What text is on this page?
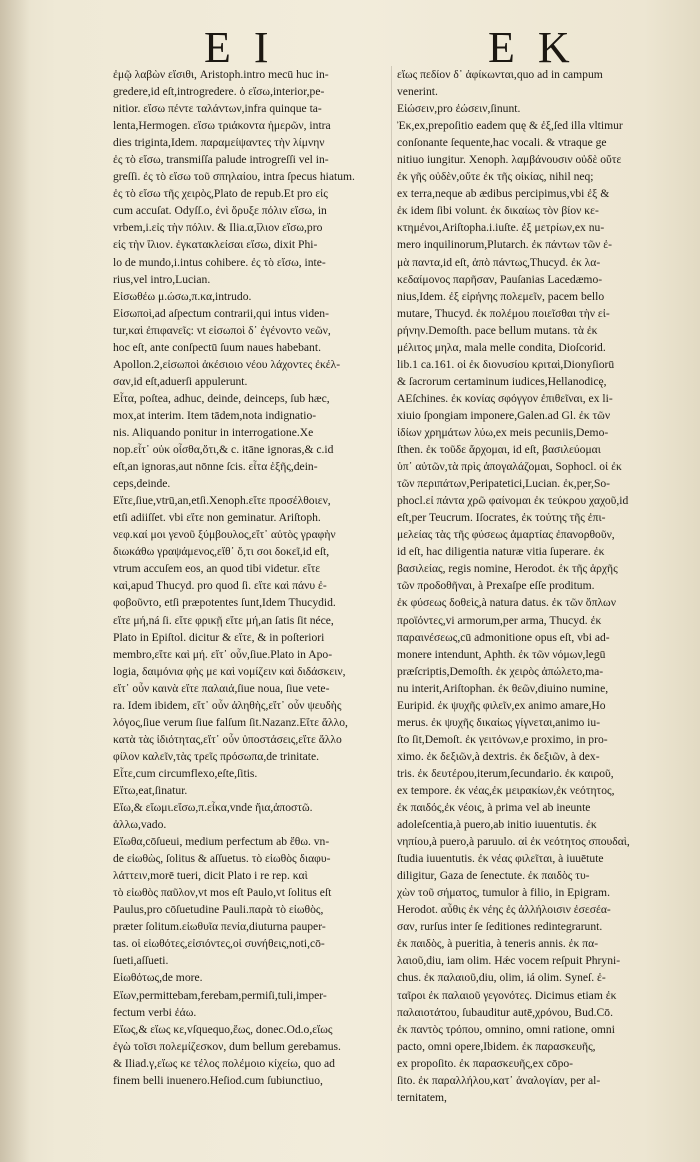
E I	E K
ἐμῷ λαβὼν εἴσιθι, Aristoph.intro mecū huc in-
gredere,id eſt,introgredere. ὁ εἴσω,interior,pe-
nitior. εἴσω πέντε ταλάντων,infra quinque ta-
lenta,Hermogen. εἴσω τριάκοντα ἡμερῶν, intra
dies triginta,Idem. παραμείψαντες τὴν λίμνην
ἐς τὸ εἴσω, transmiſſa palude introgreſſi vel in-
greſſi. ἐς τὸ εἴσω τοῦ σπηλαίου, intra ſpecus hiatum.
ἐς τὸ εἴσω τῆς χειρὸς,Plato de repub.Et pro εἰς
cum accuſat. Odyſſ.o, ἐνὶ ὄρυξε πόλιν εἴσω, in
vrbem,i.εἰς τὴν πόλιν. & Ilia.α,ἴλιον εἴσω,pro
εἰς τὴν ἴλιον. ἐγκατακλείσαι εἴσω, dixit Phi-
lo de mundo,i.intus cohibere. ἐς τὸ εἴσω, inte-
rius,vel intro,Lucian.
Εἰσωθέω μ.ώσω,π.κα,intrudo.
Εἰσωποὶ,ad aſpectum contrarii,qui intus viden-
tur,καὶ ἐπιφανεῖς: vt εἰσωποὶ δ᾽ ἐγένοντο νεῶν,
hoc eſt, ante conſpectū ſuum naues habebant.
Apollon.2,εἰσωποὶ ἀκέσιοιο νέου λάχοντες ἐκέλ-
σαν,id eſt,aduerſi appulerunt.
Εἶτα, poſtea, adhuc, deinde, deinceps, ſub hæc,
mox,at interim. Item tādem,nota indignatio-
nis. Aliquando ponitur in interrogatione.Xe
nop.εἶτ᾽ οὐκ οἶσθα,ὅτι,& c. itāne ignoras,& c.id
eſt,an ignoras,aut nōnne ſcis. εἶτα ἑξῆς,dein-
ceps,deinde.
Εἴτε,ſiue,vtrū,an,etſi.Xenoph.εἴτε προσέλθοιεν,
etſi adiiſſet. vbi εἴτε non geminatur. Ariſtoph.
νεφ.καί μοι γενοῦ ξύμβουλος,εἴτ᾽ αὐτὸς γραφὴν
διωκάθω γραψάμενος,εἴθ᾽ ὅ,τι σοι δοκεῖ,id eſt,
vtrum accuſem eos, an quod tibi videtur. εἴτε
καὶ,apud Thucyd. pro quod ſi. εἴτε καὶ πάνυ ἐ-
φοβοῦντο, etſi præpotentes ſunt,Idem Thucydid.
εἴτε μή,ná ſi. εἴτε φρικῇ εἴτε μή,an ſatis ſit néce,
Plato in Epiſtol. dicitur & εἴτε, & in poſteriori
membro,εἴτε καὶ μή. εἴτ᾽ οὖν,ſiue.Plato in Apo-
logia, δαιμόνια φὴς με καὶ νομίζειν καὶ διδάσκειν,
εἴτ᾽ οὖν καινὰ εἴτε παλαιά,ſiue noua, ſiue vete-
ra. Idem ibidem, εἴτ᾽ οὖν ἀληθὴς,εἴτ᾽ οὖν ψευδὴς
λόγος,ſiue verum ſiue falſum ſit.Nazanz.Εἴτε ἄλλο,
κατὰ τὰς ἰδιότητας,εἴτ᾽ οὖν ὑποστάσεις,εἴτε ἄλλο
φίλον καλεῖν,τὰς τρεῖς πρόσωπα,de trinitate.
Εἶτε,cum circumflexo,eſte,ſitis.
Εἴτω,eat,ſinatur.
Εἴω,& εἴωμι.εἴσω,π.εἶκα,vnde ἤια,ἀποστῶ.
ἀλλω,vado.
Εἴωθα,cōſueui, medium perfectum ab ἔθω. vn-
de εἰωθὼς, ſolitus & aſſuetus. τὸ εἰωθὸς διαφυ-
λάττειν,morē tueri, dicit Plato i re rep. καὶ
τὸ εἰωθὸς παῦλον,vt mos eſt Paulo,vt ſolitus eſt
Paulus,pro cōſuetudine Pauli.παρὰ τὸ εἰωθὸς,
præter ſolitum.εἰωθυῖα πενία,diuturna pauper-
tas. οἱ εἰωθότες,εἰσιόντες,οἱ συνήθεις,noti,cō-
ſueti,aſſueti.
Εἰωθότως,de more.
Εἴων,permittebam,ferebam,permiſi,tuli,imper-
fectum verbi ἐάω.
Εἴως,& εἵως κε,vſquequo,ἕως, donec.Od.o,εἵως
ἐγὼ τοῖσι πολεμίζεσκον, dum bellum gerebamus.
& Iliad.γ,εἵως κε τέλος πολέμοιο κίχείω, quo ad
finem belli inuenero.Heſiod.cum ſubiunctiuo,
εἵως πεδίον δ᾽ ἀφίκωνται,quo ad in campum
venerint.
Εἰώσειν,pro ἐώσειν,ſinunt.
Ἐκ,ex,prepoſitio eadem quę & ἐξ,ſed illa vltimur
conſonante ſequente,hac vocali. & vtraque ge
nitiuo iungitur. Xenoph. λαμβάνουσιν οὐδὲ οὔτε
ἐκ γῆς οὐδὲν,οὔτε ἐκ τῆς οἰκίας, nihil neq;
ex terra,neque ab ædibus percipimus,vbi ἐξ &
ἐκ idem ſibi volunt. ἐκ δικαίως τὸν βίον κε-
κτημένοι,Ariſtopha.i.iuſte. ἐξ μετρίων,ex nu-
mero inquilinorum,Plutarch. ἐκ πάντων τῶν ἐ-
μὰ παντα,id eſt, ἀπὸ πάντως,Thucyd. ἐκ λα-
κεδαίμονος παρῆσαν, Pauſanias Lacedæmo-
nius,Idem. ἐξ εἰρήνης πολεμεῖν, pacem bello
mutare, Thucyd. ἐκ πολέμου ποιεῖσθαι τὴν εἰ-
ρήνην.Demoſth. pace bellum mutans. τὰ ἐκ
μέλιτος μηλα, mala melle condita, Dioſcorid.
lib.1 ca.161. οἱ ἐκ διονυσίου κριταὶ,Dionyſiorū
& ſacrorum certaminum iudices,Hellanodicę,
AEſchines. ἐκ κονίας σφόγγον ἐπιθεῖναι, ex li-
xiuio ſpongiam imponere,Galen.ad Gl. ἐκ τῶν
ἰδίων χρημάτων λύω,ex meis pecuniis,Demo-
ſthen. ἐκ τοῦδε ἄρχομαι, id eſt, βασιλεύομαι
ὑπ᾽ αὐτῶν,τὰ πρὶς ἀπογαλάζομαι, Sophocl. οἱ ἐκ
τῶν περιπάτων,Peripatetici,Lucian. ἐκ,per,So-
phocl.εἰ πάντα χρῶ φαίνομαι ἐκ τεύκρου χαχοῦ,id
eſt,per Teucrum. Iſocrates, ἐκ τούτης τῆς ἐπι-
μελείας τὰς τῆς φύσεως ἁμαρτίας ἐπανορθοῦν,
id eſt, hac diligentia naturæ vitia ſuperare. ἐκ
βασιλείας, regis nomine, Herodot. ἐκ τῆς ἀρχῆς
τῶν προδοθῆναι, à Prexaſpe eſſe proditum.
ἐκ φύσεως δοθεὶς,à natura datus. ἐκ τῶν ὅπλων
προϊόντες,vi armorum,per arma, Thucyd. ἐκ
παραινέσεως,cū admonitione opus eſt, vbi ad-
monere intendunt, Aphth. ἐκ τῶν νόμων,legū
præſcriptis,Demoſth. ἐκ χειρὸς ἀπώλετο,ma-
nu interit,Ariſtophan. ἐκ θεῶν,diuino numine,
Euripid. ἐκ ψυχῆς φιλεῖν,ex animo amare,Ho
merus. ἐκ ψυχῆς δικαίως γίγνεται,animo iu-
ſto ſit,Demoſt. ἐκ γειτόνων,e proximo, in pro-
ximo. ἐκ δεξιῶν,à dextris. ἐκ δεξιῶν, à dex-
tris. ἐκ δευτέρου,iterum,ſecundario. ἐκ καιροῦ,
ex tempore. ἐκ νέας,ἐκ μειρακίων,ἐκ νεότητος,
ἐκ παιδός,ἐκ νέοις, à prima vel ab ineunte
adoleſcentia,à puero,ab initio iuuentutis. ἐκ
νηπίου,à puero,à paruulo. αἱ ἐκ νεότητος σπουδαὶ,
ſtudia iuuentutis. ἐκ νέας φιλεῖται, à iuuētute
diligitur, Gaza de ſenectute. ἐκ παιδὸς τυ-
χὼν τοῦ σήματος, tumulor à filio, in Epigram.
Herodot. αὖθις ἐκ νέης ἐς ἀλλήλοισιν ἐσεσέα-
σαν, rurſus inter ſe ſeditiones redintegrarunt.
ἐκ παιδὸς, à pueritia, à teneris annis. ἐκ πα-
λαιοῦ,diu, iam olim. Hǽc vocem reſpuit Phryni-
chus. ἐκ παλαιοῦ,diu, olim, iá olim. Syneſ. ἐ-
ταῖροι ἐκ παλαιοῦ γεγονότες. Dicimus etiam ἐκ
παλαιοτάτου, ſubauditur autē,χρόνου, Bud.Cō.
ἐκ παντὸς τρόπου, omnino, omni ratione, omni
pacto, omni opere,Ibidem. ἐκ παρασκευῆς,
ex propoſito. ἐκ παρασκευῆς,ex cōpo-
ſito. ἐκ παραλλήλου,κατ᾽ ἀναλογίαν, per al-
ternitatem,
